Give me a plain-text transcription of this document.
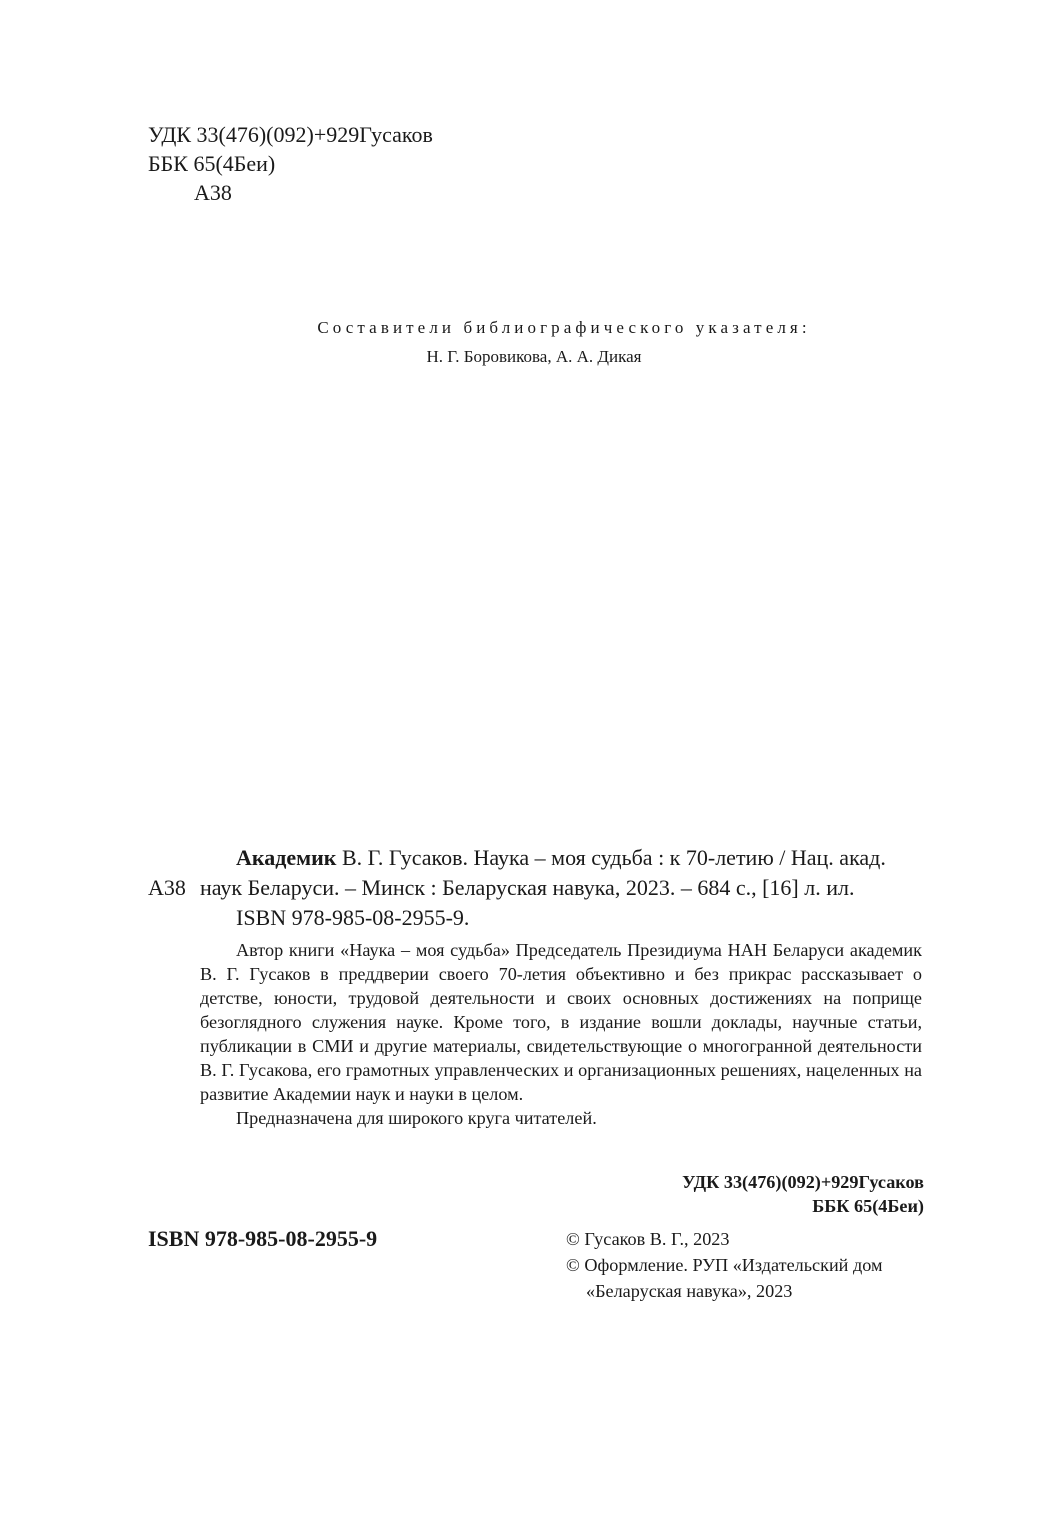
УДК 33(476)(092)+929Гусаков
ББК 65(4Беи)
А38
Составители библиографического указателя:
Н. Г. Боровикова, А. А. Дикая
Академик В. Г. Гусаков. Наука – моя судьба : к 70-летию / Нац. акад.
А38 наук Беларуси. – Минск : Беларуская навука, 2023. – 684 с., [16] л. ил.
ISBN 978-985-08-2955-9.

Автор книги «Наука – моя судьба» Председатель Президиума НАН Беларуси академик В. Г. Гусаков в преддверии своего 70-летия объективно и без прикрас рассказывает о детстве, юности, трудовой деятельности и своих основных достижениях на поприще безоглядного служения науке. Кроме того, в издание вошли доклады, научные статьи, публикации в СМИ и другие материалы, свидетельствующие о многогранной деятельности В. Г. Гусакова, его грамотных управленческих и организационных решениях, нацеленных на развитие Академии наук и науки в целом.

Предназначена для широкого круга читателей.

УДК 33(476)(092)+929Гусаков
ББК 65(4Беи)
ISBN 978-985-08-2955-9	© Гусаков В. Г., 2023
© Оформление. РУП «Издательский дом
«Беларуская навука», 2023
